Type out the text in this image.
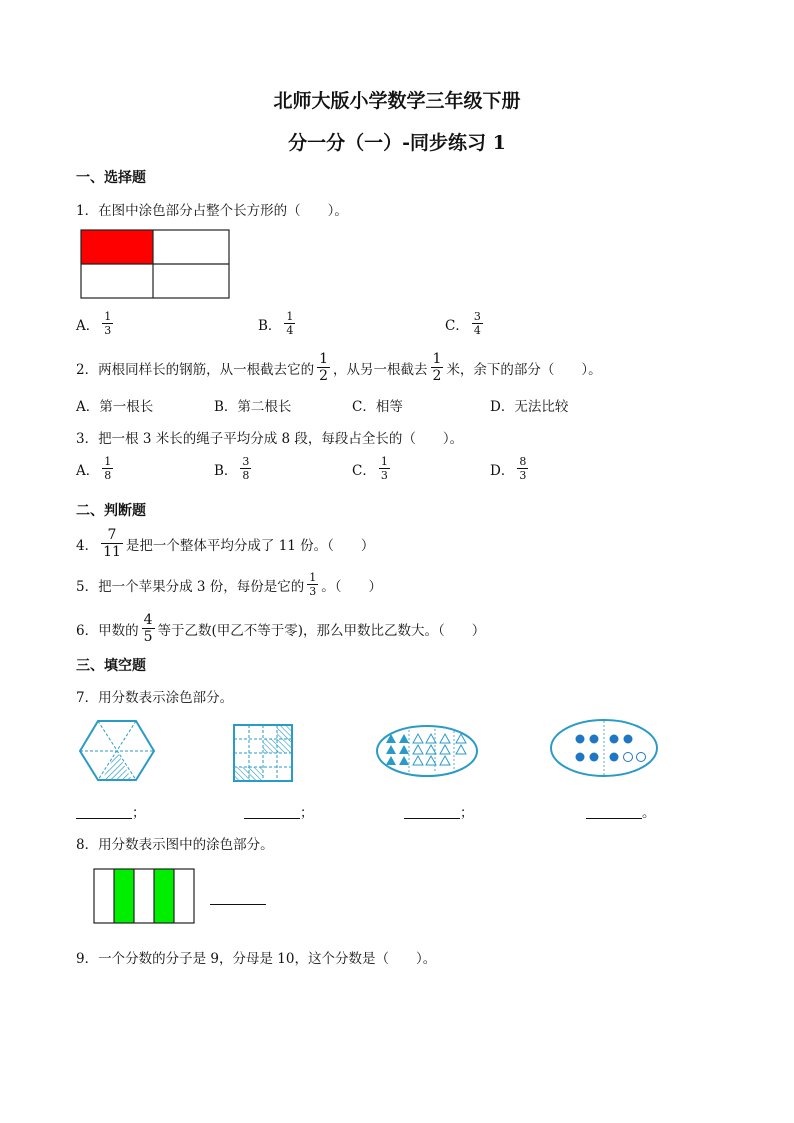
北师大版小学数学三年级下册
分一分（一）-同步练习 1
一、选择题
1．在图中涂色部分占整个长方形的（　　）。
A． $\frac{1}{3}$	B． $\frac{1}{4}$	C． $\frac{3}{4}$
2．两根同样长的钢筋，从一根截去它的 $\frac{1}{2}$ ，从另一根截去 $\frac{1}{2}$ 米，余下的部分（　　）。
A．第一根长	B．第二根长	C．相等	D．无法比较
3．把一根 3 米长的绳子平均分成 8 段，每段占全长的（　　）。
A． $\frac{1}{8}$	B． $\frac{3}{8}$	C． $\frac{1}{3}$	D． $\frac{8}{3}$
二、判断题
4． $\frac{7}{11}$ 是把一个整体平均分成了 11 份。（　　）
5．把一个苹果分成 3 份，每份是它的 $\frac{1}{3}$ 。（　　）
6．甲数的 $\frac{4}{5}$ 等于乙数(甲乙不等于零)，那么甲数比乙数大。（　　）
三、填空题
7．用分数表示涂色部分。
；	；	；	。
8．用分数表示图中的涂色部分。
9．一个分数的分子是 9，分母是 10，这个分数是（　　）。
